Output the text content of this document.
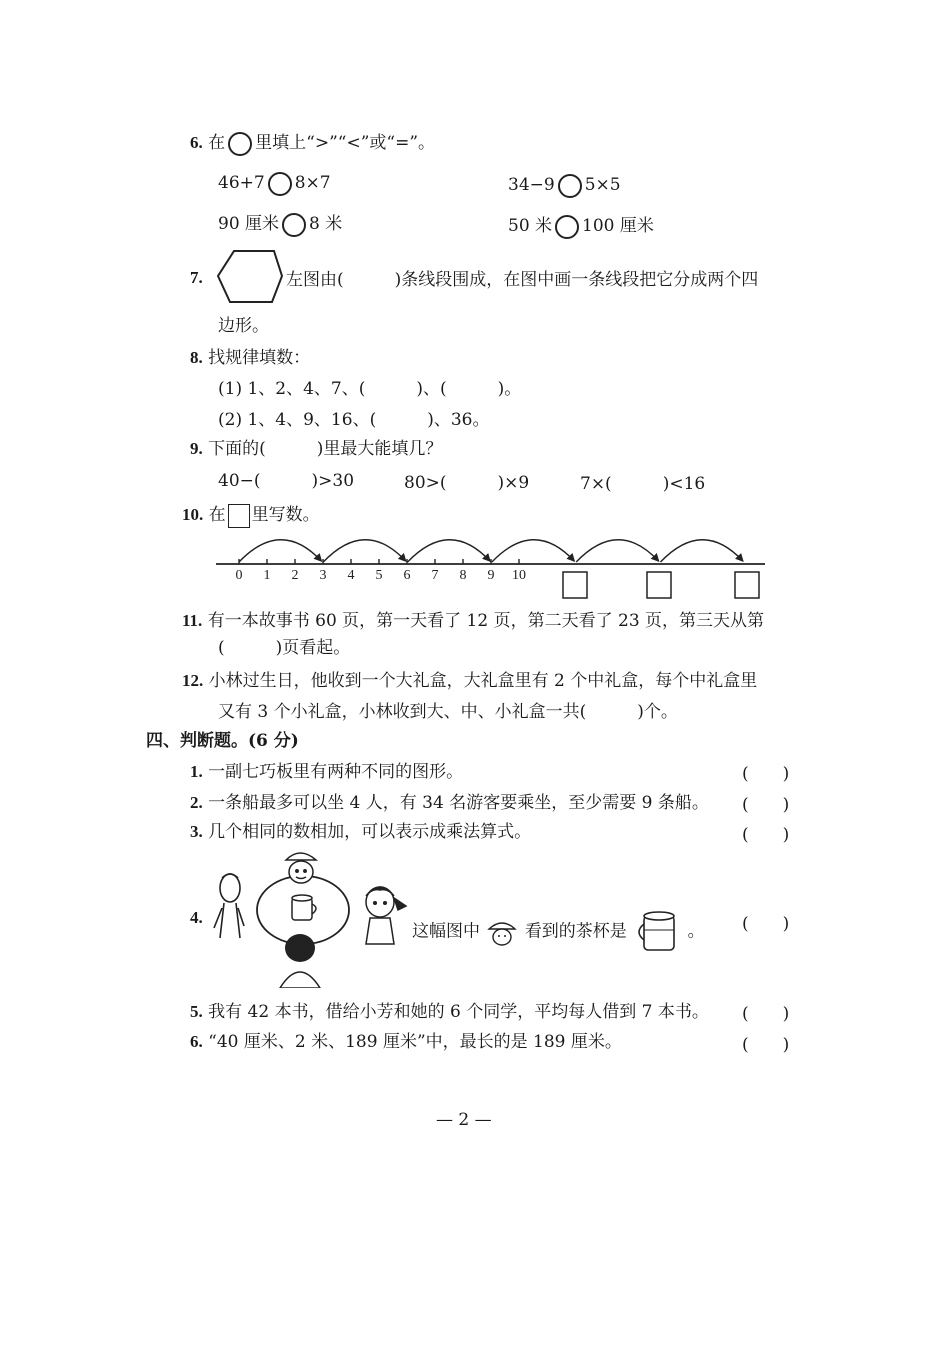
6. 在 里填上“>”“<”或“=”。
46+7 8×7	34−9 5×5
90 厘米 8 米	50 米 100 厘米
7.	左图由(　　　)条线段围成，在图中画一条线段把它分成两个四
边形。
8. 找规律填数：
(1) 1、2、4、7、(　　　)、(　　　)。
(2) 1、4、9、16、(　　　)、36。
9. 下面的(　　　)里最大能填几？
40−(　　　)>30	80>(　　　)×9	7×(　　　)<16
10. 在 里写数。
0 1 2 3 4 5 6 7 8 9 10
11. 有一本故事书 60 页，第一天看了 12 页，第二天看了 23 页，第三天从第
(　　　)页看起。
12. 小林过生日，他收到一个大礼盒，大礼盒里有 2 个中礼盒，每个中礼盒里
又有 3 个小礼盒，小林收到大、中、小礼盒一共(　　　)个。
四、判断题。(6 分)
1. 一副七巧板里有两种不同的图形。	(　　)
2. 一条船最多可以坐 4 人，有 34 名游客要乘坐，至少需要 9 条船。 (　　)
3. 几个相同的数相加，可以表示成乘法算式。	(　　)
4.
这幅图中	看到的茶杯是	。 (　　)
5. 我有 42 本书，借给小芳和她的 6 个同学，平均每人借到 7 本书。 (　　)
6. “40 厘米、2 米、189 厘米”中，最长的是 189 厘米。	(　　)
— 2 —
